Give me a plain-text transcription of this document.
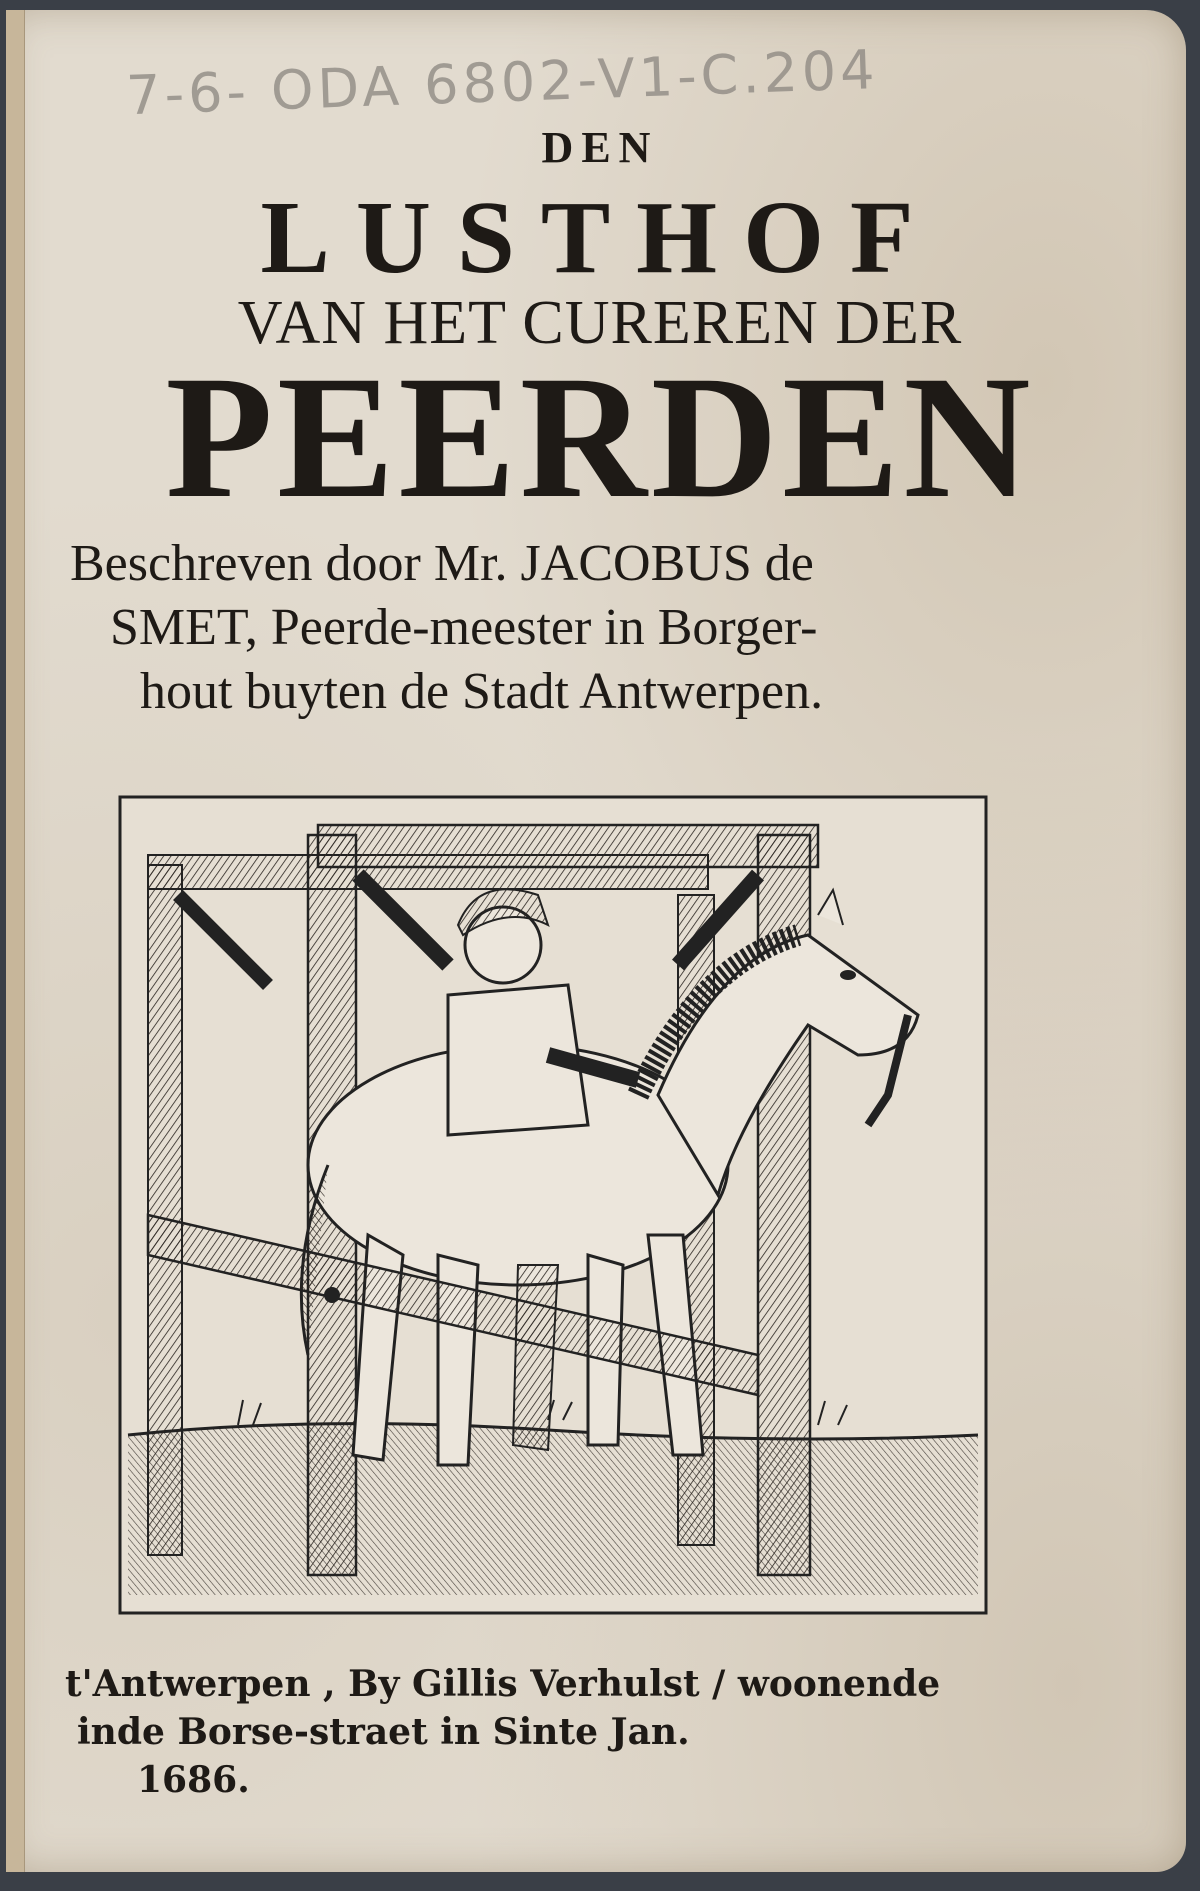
7-6- ODA 6802-V1-C.204
DEN
LUSTHOF
VAN HET CUREREN DER
PEERDEN
Beschreven door Mr. JACOBUS de
SMET, Peerde-meester in Borger-
hout buyten de Stadt Antwerpen.
t'Antwerpen , By Gillis Verhulst / woonende
inde Borse-straet in Sinte Jan.
1686.
